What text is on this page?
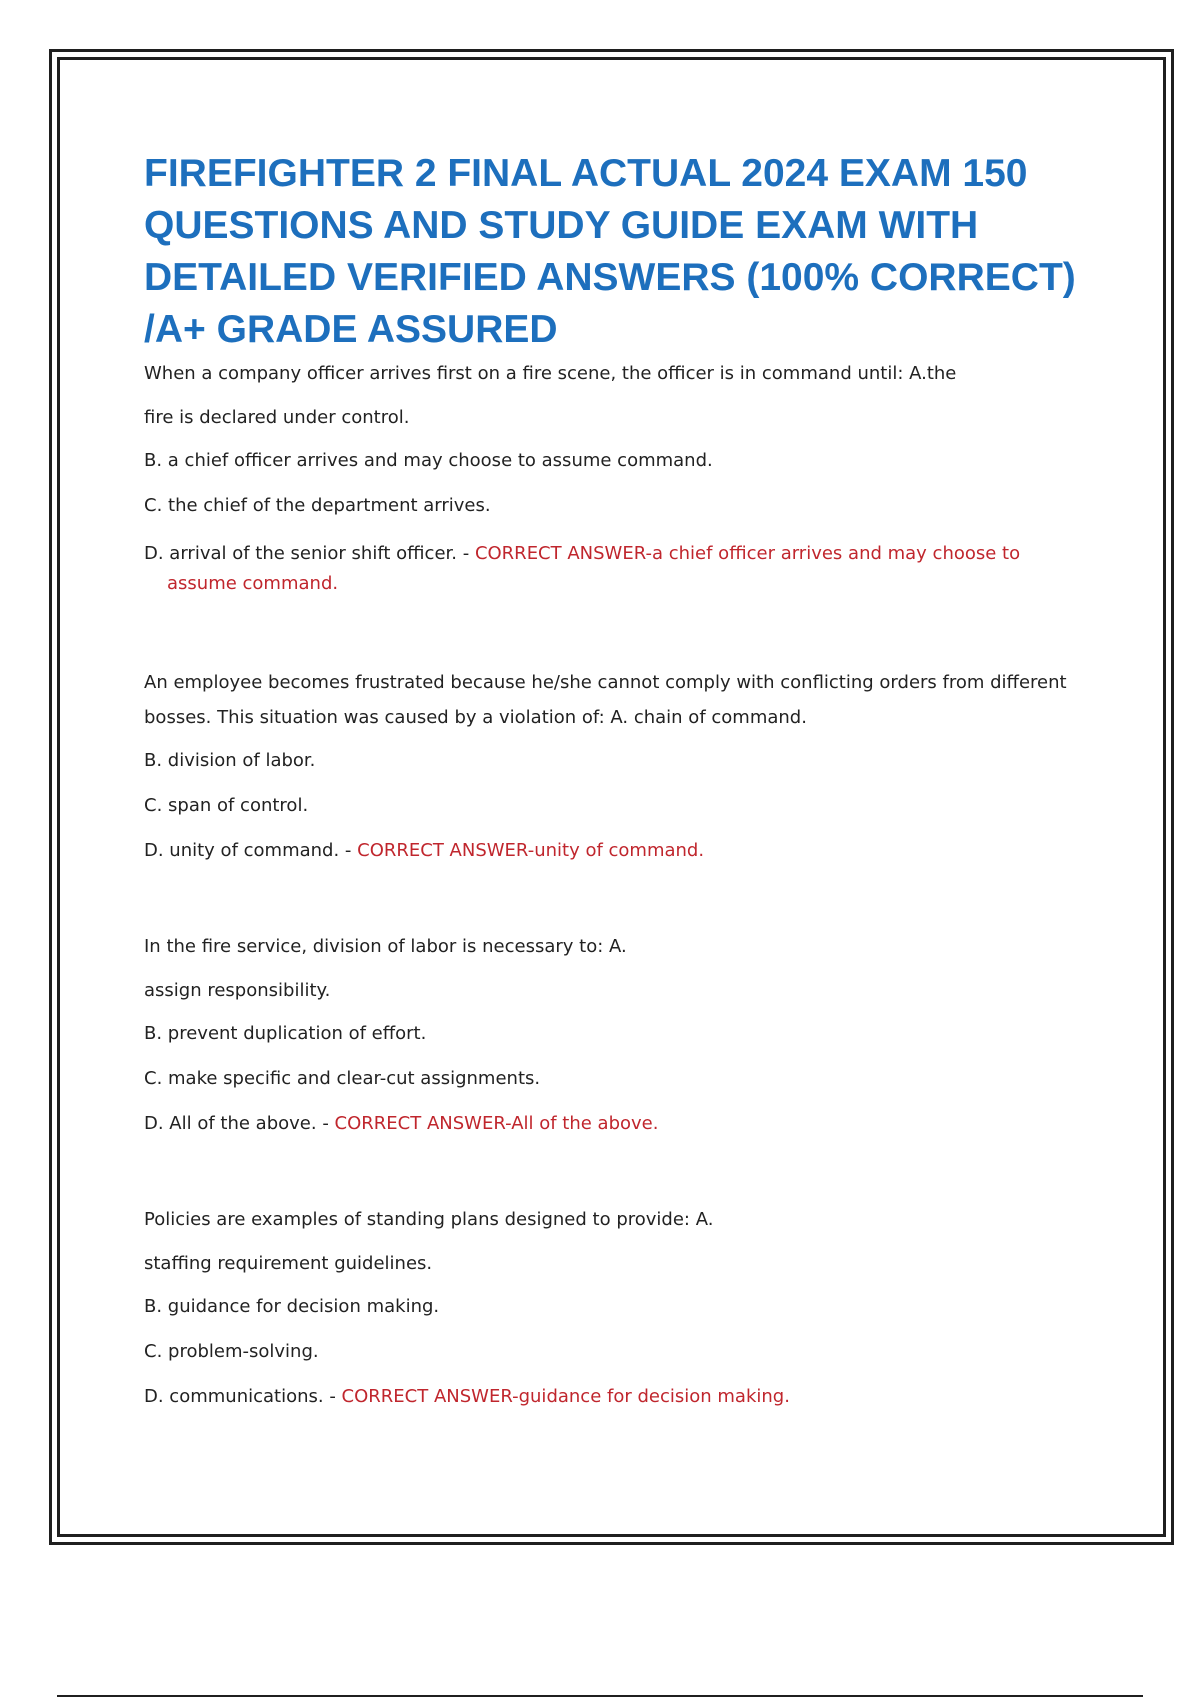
FIREFIGHTER 2 FINAL ACTUAL 2024 EXAM 150 QUESTIONS AND STUDY GUIDE EXAM WITH DETAILED VERIFIED ANSWERS (100% CORRECT) /A+ GRADE ASSURED

When a company officer arrives first on a fire scene, the officer is in command until: A.the

fire is declared under control.

B. a chief officer arrives and may choose to assume command.

C. the chief of the department arrives.

D. arrival of the senior shift officer. - CORRECT ANSWER-a chief officer arrives and may choose to assume command.

An employee becomes frustrated because he/she cannot comply with conflicting orders from different

bosses. This situation was caused by a violation of: A. chain of command.

B. division of labor.

C. span of control.

D. unity of command. - CORRECT ANSWER-unity of command.

In the fire service, division of labor is necessary to: A.

assign responsibility.

B. prevent duplication of effort.

C. make specific and clear-cut assignments.

D. All of the above. - CORRECT ANSWER-All of the above.

Policies are examples of standing plans designed to provide: A.

staffing requirement guidelines.

B. guidance for decision making.

C. problem-solving.

D. communications. - CORRECT ANSWER-guidance for decision making.
